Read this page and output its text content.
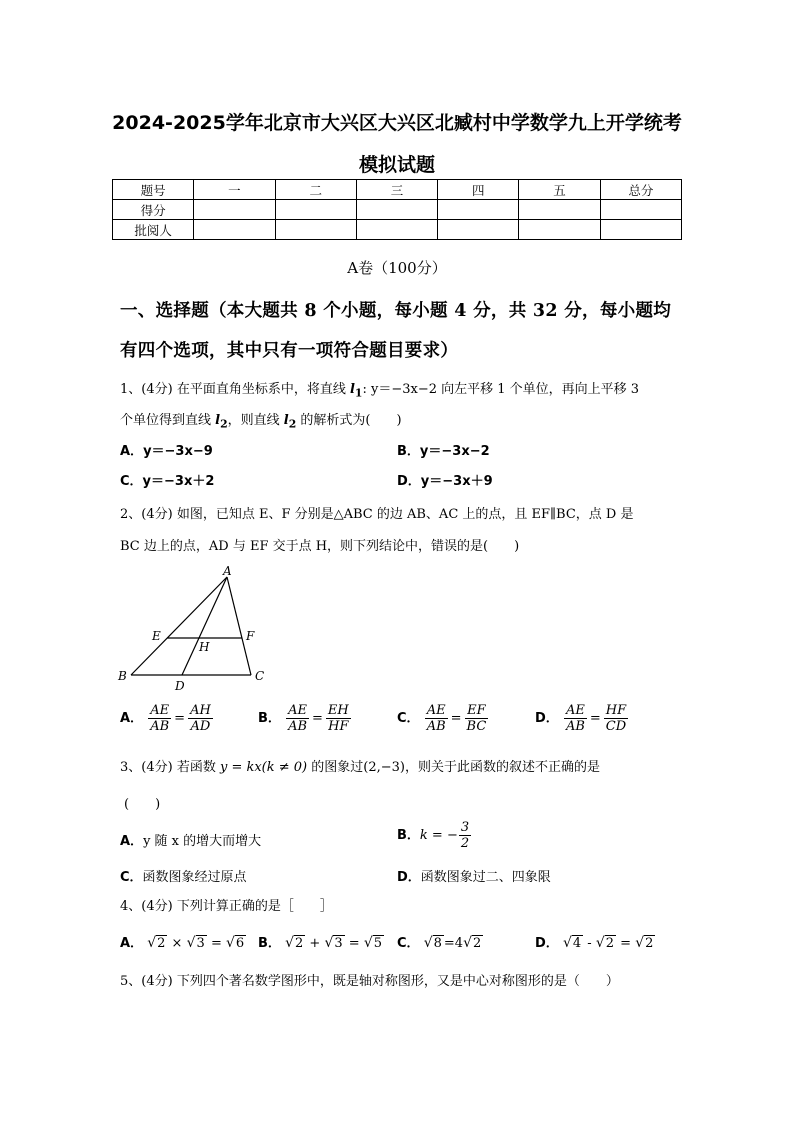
2024-2025学年北京市大兴区大兴区北臧村中学数学九上开学统考
模拟试题
题号	一	二	三	四	五	总分
得分						
批阅人						
A卷（100分）
一、选择题（本大题共 8 个小题，每小题 4 分，共 32 分，每小题均
有四个选项，其中只有一项符合题目要求）
1、(4分) 在平面直角坐标系中，将直线 $l_1$: y＝−3x−2 向左平移 1 个单位，再向上平移 3
个单位得到直线 $l_2$，则直线 $l_2$ 的解析式为(　　)
A．y＝−3x−9	B．y＝−3x−2
C．y＝−3x＋2	D．y＝−3x＋9
2、(4分) 如图，已知点 E、F 分别是△ABC 的边 AB、AC 上的点，且 EF∥BC，点 D 是
BC 边上的点，AD 与 EF 交于点 H，则下列结论中，错误的是(　　)
A
E	F
H
B
D
C
A． $\frac{AE}{AB} = \frac{AH}{AD}$	B． $\frac{AE}{AB} = \frac{EH}{HF}$	C． $\frac{AE}{AB} = \frac{EF}{BC}$	D． $\frac{AE}{AB} = \frac{HF}{CD}$
3、(4分) 若函数 y = kx(k ≠ 0) 的图象过(2,−3)，则关于此函数的叙述不正确的是
(　　)
A．y 随 x 的增大而增大	B．k = − $\frac{3}{2}$
C．函数图象经过原点	D．函数图象过二、四象限
4、(4分) 下列计算正确的是［　　］
A． √2 × √3 = √6 B． √2 + √3 = √5 C． √8 =4√2	D． √4 - √2 = √2
5、(4分) 下列四个著名数学图形中，既是轴对称图形，又是中心对称图形的是（　　）
